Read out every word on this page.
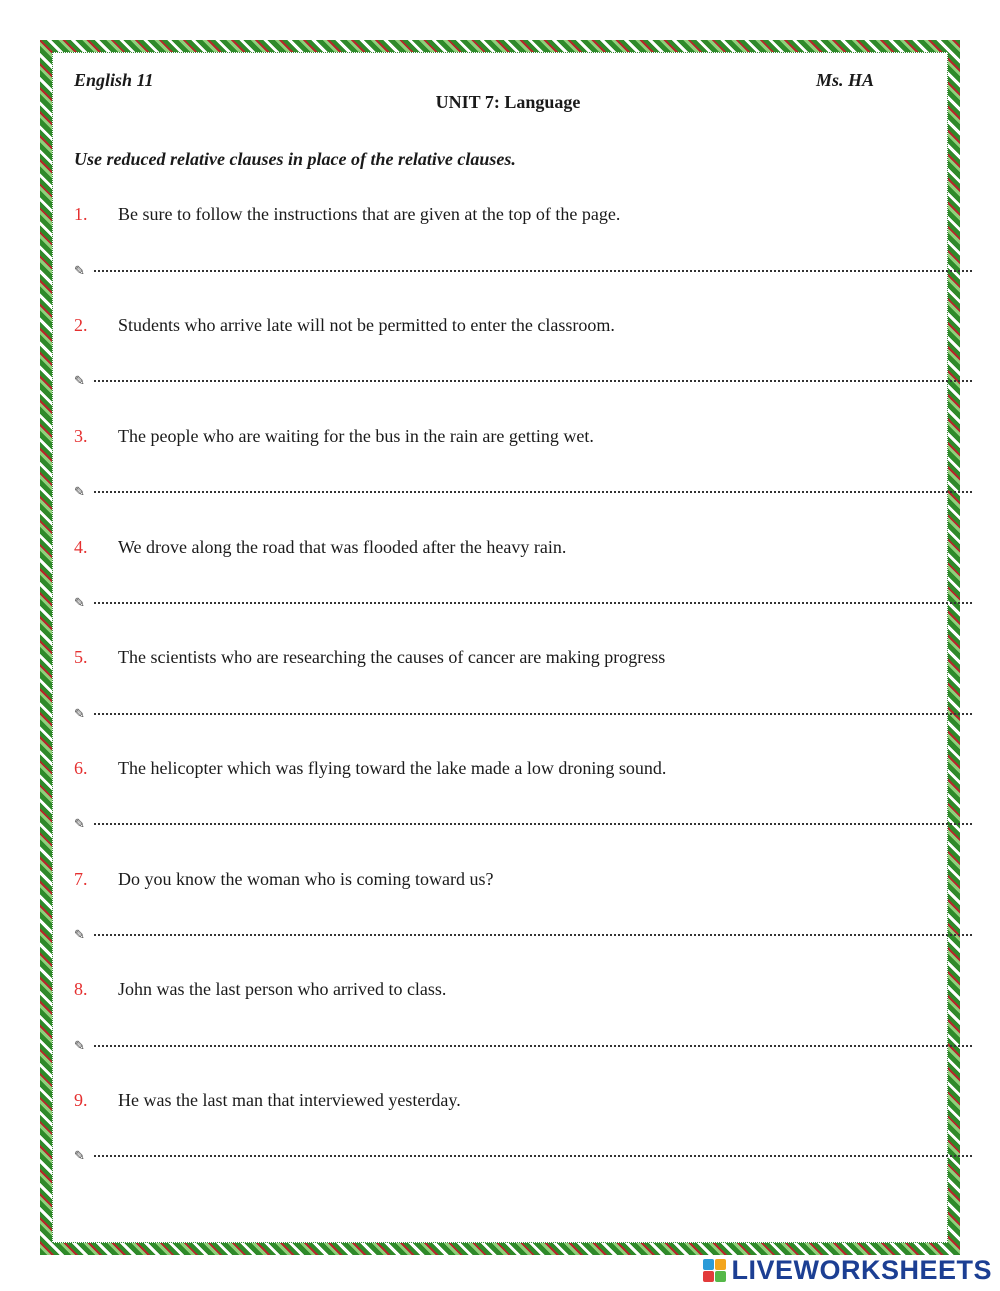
English 11	Ms. HA
UNIT 7: Language
Use reduced relative clauses in place of the relative clauses.
1. Be sure to follow the instructions that are given at the top of the page.
✎
2. Students who arrive late will not be permitted to enter the classroom.
✎
3. The people who are waiting for the bus in the rain are getting wet.
✎
4. We drove along the road that was flooded after the heavy rain.
✎
5. The scientists who are researching the causes of cancer are making progress
✎
6. The helicopter which was flying toward the lake made a low droning sound.
✎
7. Do you know the woman who is coming toward us?
✎
8. John was the last person who arrived to class.
✎
9. He was the last man that interviewed yesterday.
✎
LIVEWORKSHEETS
